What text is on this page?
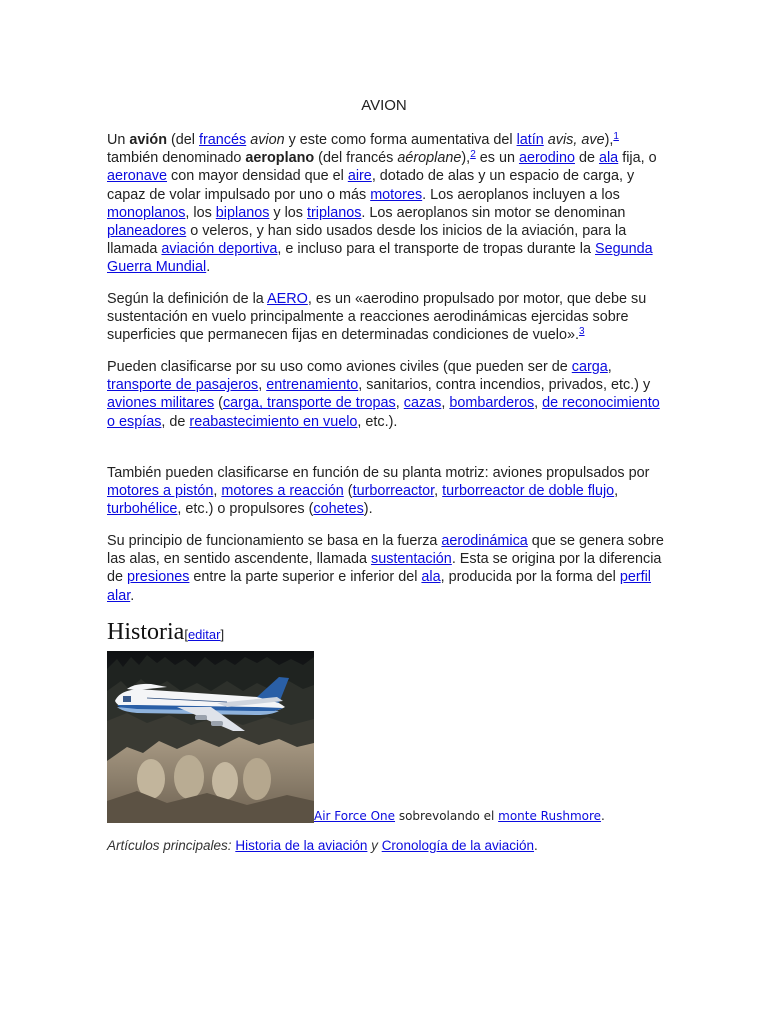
AVION
Un avión (del francés avion y este como forma aumentativa del latín avis, ave),$^1$
también denominado aeroplano (del francés aéroplane),$^2$ es un aerodino de ala fija, o aeronave con mayor densidad que el aire, dotado de alas y un espacio de carga, y capaz de volar impulsado por uno o más motores. Los aeroplanos incluyen a los monoplanos, los biplanos y los triplanos. Los aeroplanos sin motor se denominan planeadores o veleros, y han sido usados desde los inicios de la aviación, para la llamada aviación deportiva, e incluso para el transporte de tropas durante la Segunda Guerra Mundial.
Según la definición de la AERO, es un «aerodino propulsado por motor, que debe su sustentación en vuelo principalmente a reacciones aerodinámicas ejercidas sobre superficies que permanecen fijas en determinadas condiciones de vuelo».$^3$
Pueden clasificarse por su uso como aviones civiles (que pueden ser de carga, transporte de pasajeros, entrenamiento, sanitarios, contra incendios, privados, etc.) y aviones militares (carga, transporte de tropas, cazas, bombarderos, de reconocimiento o espías, de reabastecimiento en vuelo, etc.).
También pueden clasificarse en función de su planta motriz: aviones propulsados por motores a pistón, motores a reacción (turborreactor, turborreactor de doble flujo, turbohélice, etc.) o propulsores (cohetes).
Su principio de funcionamiento se basa en la fuerza aerodinámica que se genera sobre las alas, en sentido ascendente, llamada sustentación. Esta se origina por la diferencia de presiones entre la parte superior e inferior del ala, producida por la forma del perfil alar.
Historia[editar]
Air Force One sobrevolando el monte Rushmore.
Artículos principales: Historia de la aviación y Cronología de la aviación.
